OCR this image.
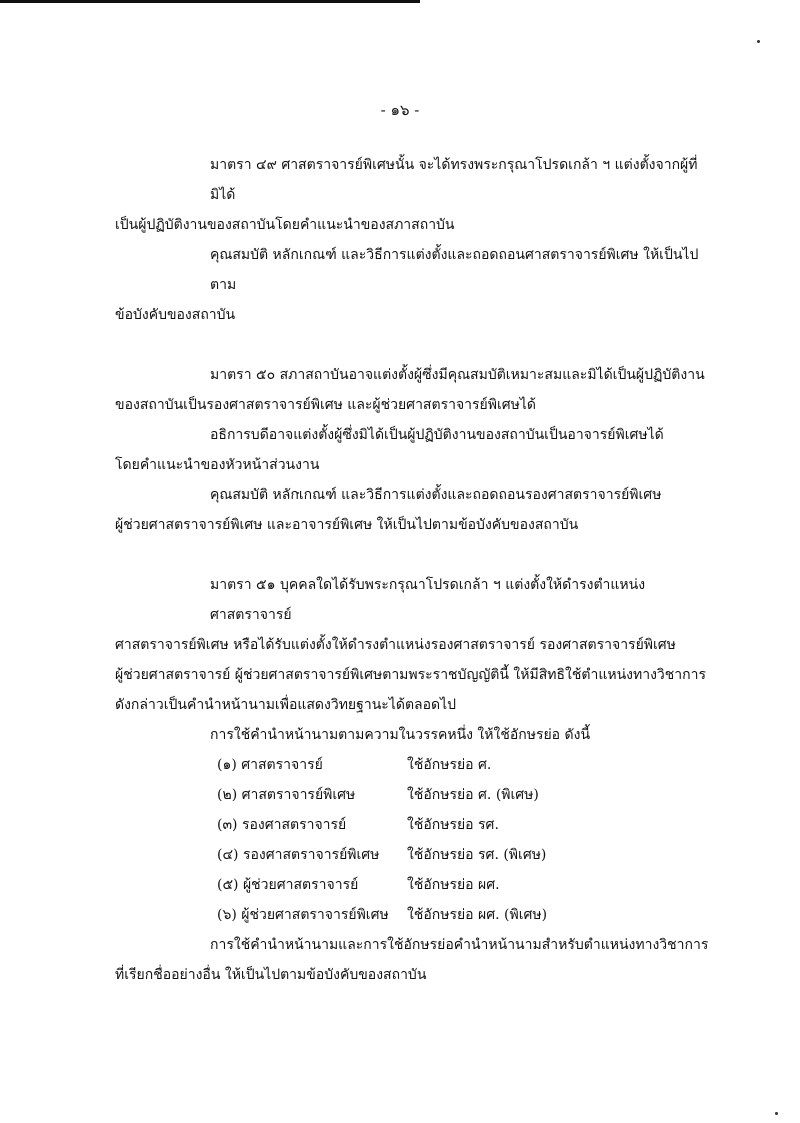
- ๑๖ -

มาตรา ๔๙ ศาสตราจารย์พิเศษนั้น จะได้ทรงพระกรุณาโปรดเกล้า ฯ แต่งตั้งจากผู้ที่มิได้

เป็นผู้ปฏิบัติงานของสถาบันโดยคำแนะนำของสภาสถาบัน

คุณสมบัติ หลักเกณฑ์ และวิธีการแต่งตั้งและถอดถอนศาสตราจารย์พิเศษ ให้เป็นไปตาม

ข้อบังคับของสถาบัน

มาตรา ๕๐ สภาสถาบันอาจแต่งตั้งผู้ซึ่งมีคุณสมบัติเหมาะสมและมิได้เป็นผู้ปฏิบัติงาน

ของสถาบันเป็นรองศาสตราจารย์พิเศษ และผู้ช่วยศาสตราจารย์พิเศษได้

อธิการบดีอาจแต่งตั้งผู้ซึ่งมิได้เป็นผู้ปฏิบัติงานของสถาบันเป็นอาจารย์พิเศษได้

โดยคำแนะนำของหัวหน้าส่วนงาน

คุณสมบัติ หลักเกณฑ์ และวิธีการแต่งตั้งและถอดถอนรองศาสตราจารย์พิเศษ

ผู้ช่วยศาสตราจารย์พิเศษ และอาจารย์พิเศษ ให้เป็นไปตามข้อบังคับของสถาบัน

มาตรา ๕๑ บุคคลใดได้รับพระกรุณาโปรดเกล้า ฯ แต่งตั้งให้ดำรงตำแหน่งศาสตราจารย์

ศาสตราจารย์พิเศษ หรือได้รับแต่งตั้งให้ดำรงตำแหน่งรองศาสตราจารย์ รองศาสตราจารย์พิเศษ

ผู้ช่วยศาสตราจารย์ ผู้ช่วยศาสตราจารย์พิเศษตามพระราชบัญญัตินี้ ให้มีสิทธิใช้ตำแหน่งทางวิชาการ

ดังกล่าวเป็นคำนำหน้านามเพื่อแสดงวิทยฐานะได้ตลอดไป

การใช้คำนำหน้านามตามความในวรรคหนึ่ง ให้ใช้อักษรย่อ ดังนี้

(๑) ศาสตราจารย์	ใช้อักษรย่อ ศ.
(๒) ศาสตราจารย์พิเศษ	ใช้อักษรย่อ ศ. (พิเศษ)
(๓) รองศาสตราจารย์	ใช้อักษรย่อ รศ.
(๔) รองศาสตราจารย์พิเศษ	ใช้อักษรย่อ รศ. (พิเศษ)
(๕) ผู้ช่วยศาสตราจารย์	ใช้อักษรย่อ ผศ.
(๖) ผู้ช่วยศาสตราจารย์พิเศษ	ใช้อักษรย่อ ผศ. (พิเศษ)

การใช้คำนำหน้านามและการใช้อักษรย่อคำนำหน้านามสำหรับตำแหน่งทางวิชาการ

ที่เรียกชื่ออย่างอื่น ให้เป็นไปตามข้อบังคับของสถาบัน
